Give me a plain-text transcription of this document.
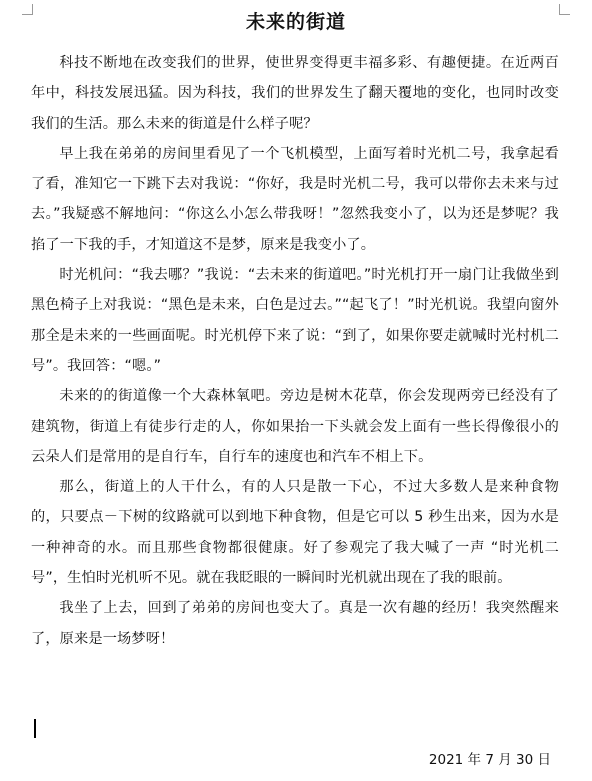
未来的街道

科技不断地在改变我们的世界，使世界变得更丰福多彩、有趣便捷。在近两百年中，科技发展迅猛。因为科技，我们的世界发生了翻天覆地的变化，也同时改变我们的生活。那么未来的街道是什么样子呢？

早上我在弟弟的房间里看见了一个飞机模型，上面写着时光机二号，我拿起看了看，准知它一下跳下去对我说：“你好，我是时光机二号，我可以带你去未来与过去。”我疑惑不解地问：“你这么小怎么带我呀！”忽然我变小了，以为还是梦呢？我掐了一下我的手，才知道这不是梦，原来是我变小了。

时光机问：“我去哪？”我说：“去未来的街道吧。”时光机打开一扇门让我做坐到黑色椅子上对我说：“黑色是未来，白色是过去。”“起飞了！”时光机说。我望向窗外那全是未来的一些画面呢。时光机停下来了说：“到了，如果你要走就喊时光村机二号”。我回答：“嗯。”

未来的的街道像一个大森林氧吧。旁边是树木花草，你会发现两旁已经没有了建筑物，街道上有徒步行走的人，你如果抬一下头就会发上面有一些长得像很小的云朵人们是常用的是自行车，自行车的速度也和汽车不相上下。

那么，街道上的人干什么，有的人只是散一下心，不过大多数人是来种食物的，只要点－下树的纹路就可以到地下种食物，但是它可以 5 秒生出来，因为水是一种神奇的水。而且那些食物都很健康。好了参观完了我大喊了一声 “时光机二号”，生怕时光机听不见。就在我眨眼的一瞬间时光机就出现在了我的眼前。

我坐了上去，回到了弟弟的房间也变大了。真是一次有趣的经历！我突然醒来了，原来是一场梦呀！

2021 年 7 月 30 日
